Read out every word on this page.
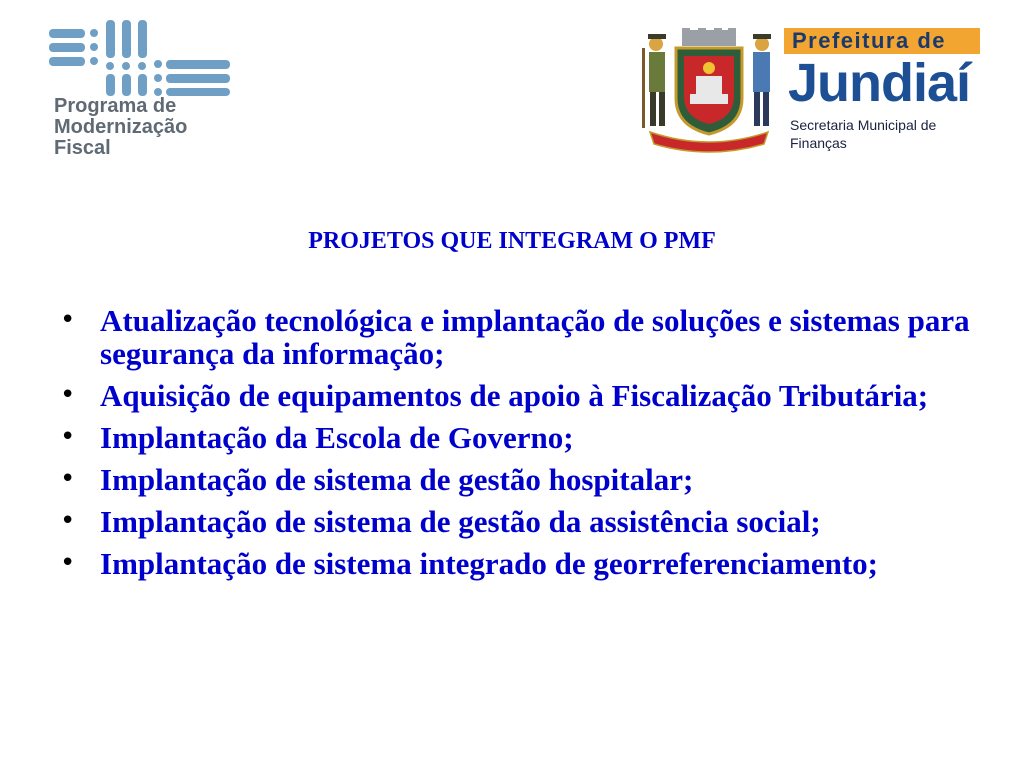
Programa de
Modernização
Fiscal
Prefeitura de
Jundiaí
Secretaria Municipal de
Finanças
PROJETOS QUE INTEGRAM O PMF
• Atualização tecnológica e implantação de soluções e sistemas para segurança da informação;
• Aquisição de equipamentos de apoio à Fiscalização Tributária;
• Implantação da Escola de Governo;
• Implantação de sistema de gestão hospitalar;
• Implantação de sistema de gestão da assistência social;
• Implantação de sistema integrado de georreferenciamento;
